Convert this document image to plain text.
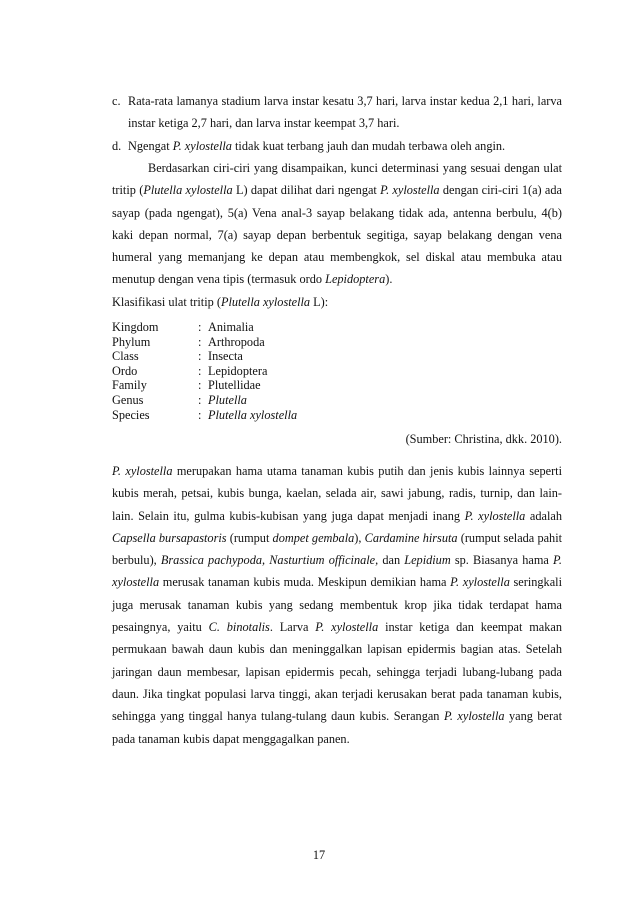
c. Rata-rata lamanya stadium larva instar kesatu 3,7 hari, larva instar kedua 2,1 hari, larva instar ketiga 2,7 hari, dan larva instar keempat 3,7 hari.
d. Ngengat P. xylostella tidak kuat terbang jauh dan mudah terbawa oleh angin.
Berdasarkan ciri-ciri yang disampaikan, kunci determinasi yang sesuai dengan ulat tritip (Plutella xylostella L) dapat dilihat dari ngengat P. xylostella dengan ciri-ciri 1(a) ada sayap (pada ngengat), 5(a) Vena anal-3 sayap belakang tidak ada, antenna berbulu, 4(b) kaki depan normal, 7(a) sayap depan berbentuk segitiga, sayap belakang dengan vena humeral yang memanjang ke depan atau membengkok, sel diskal atau membuka atau menutup dengan vena tipis (termasuk ordo Lepidoptera).
Klasifikasi ulat tritip (Plutella xylostella L):
Kingdom	:	Animalia
Phylum	:	Arthropoda
Class	:	Insecta
Ordo	:	Lepidoptera
Family	:	Plutellidae
Genus	:	Plutella
Species	:	Plutella xylostella
(Sumber: Christina, dkk. 2010).
P. xylostella merupakan hama utama tanaman kubis putih dan jenis kubis lainnya seperti kubis merah, petsai, kubis bunga, kaelan, selada air, sawi jabung, radis, turnip, dan lain-lain. Selain itu, gulma kubis-kubisan yang juga dapat menjadi inang P. xylostella adalah Capsella bursapastoris (rumput dompet gembala), Cardamine hirsuta (rumput selada pahit berbulu), Brassica pachypoda, Nasturtium officinale, dan Lepidium sp. Biasanya hama P. xylostella merusak tanaman kubis muda. Meskipun demikian hama P. xylostella seringkali juga merusak tanaman kubis yang sedang membentuk krop jika tidak terdapat hama pesaingnya, yaitu C. binotalis. Larva P. xylostella instar ketiga dan keempat makan permukaan bawah daun kubis dan meninggalkan lapisan epidermis bagian atas. Setelah jaringan daun membesar, lapisan epidermis pecah, sehingga terjadi lubang-lubang pada daun. Jika tingkat populasi larva tinggi, akan terjadi kerusakan berat pada tanaman kubis, sehingga yang tinggal hanya tulang-tulang daun kubis. Serangan P. xylostella yang berat pada tanaman kubis dapat menggagalkan panen.
17
